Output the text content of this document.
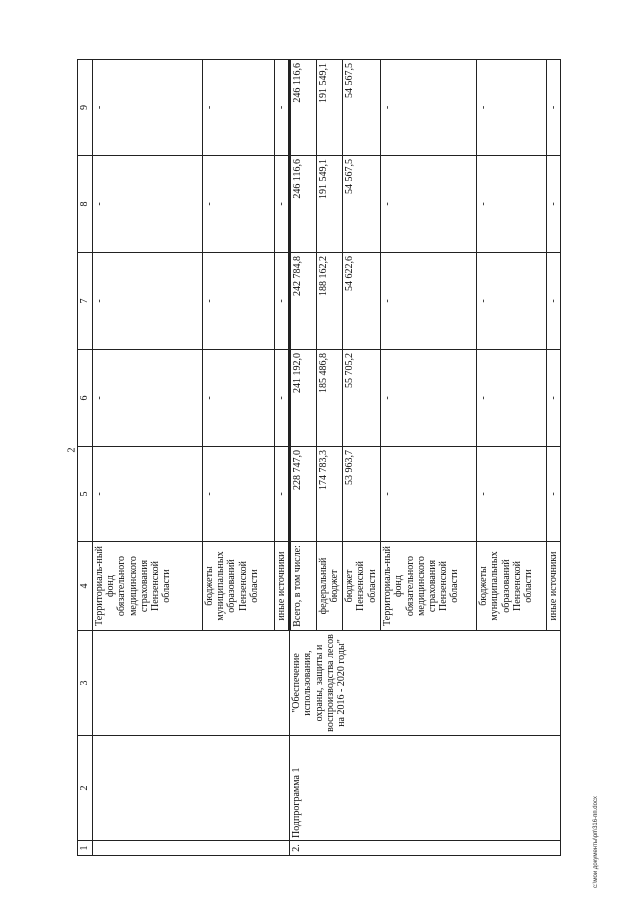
2
c:\мои документы\рп\316-пп.docx
1	2	3	4	5	6	7	8	9
			Территориаль-ный фонд обязательного медицинского страхования Пензенской области	-	-	-	-	-
			бюджеты муниципальных образований Пензенской области	-	-	-	-	-
			иные источники	-	-	-	-	-
2.	Подпрограмма 1	"Обеспечение использования, охраны, защиты и воспроизводства лесов на 2016 - 2020 годы"	Всего, в том числе:	228 747,0	241 192,0	242 784,8	246 116,6	246 116,6
			федеральный бюджет	174 783,3	185 486,8	188 162,2	191 549,1	191 549,1
			бюджет Пензенской области	53 963,7	55 705,2	54 622,6	54 567,5	54 567,5
			Территориаль-ный фонд обязательного медицинского страхования Пензенской области	-	-	-	-	-
			бюджеты муниципальных образований Пензенской области	-	-	-	-	-
			иные источники	-	-	-	-	-
